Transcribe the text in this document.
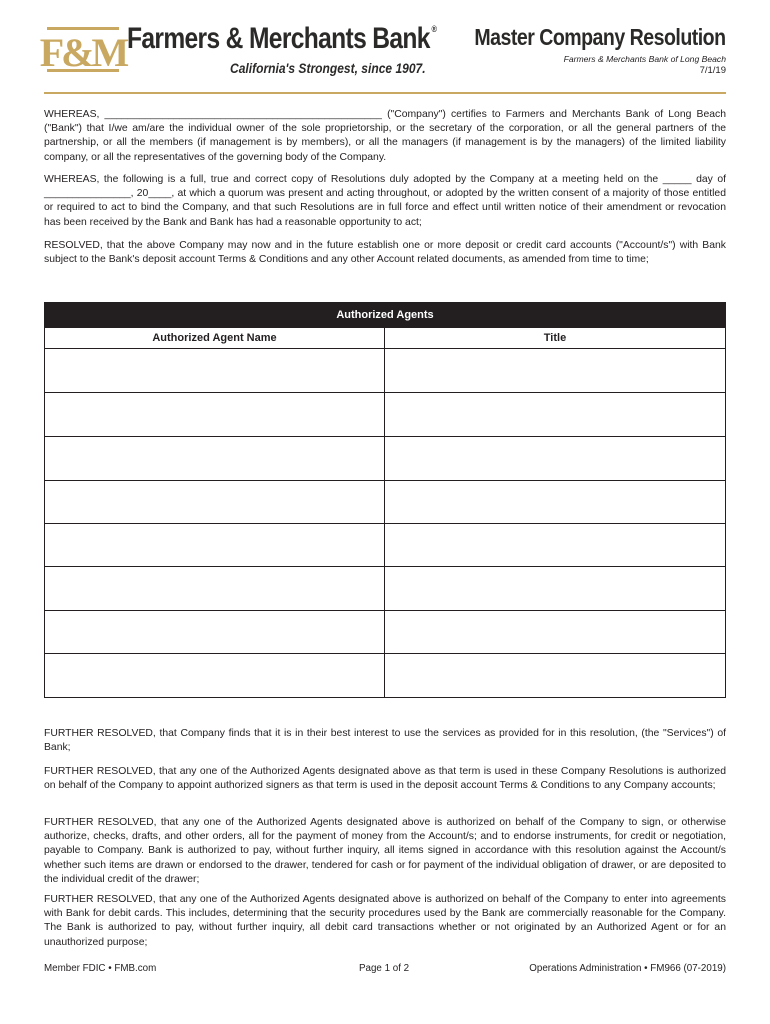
F&M Farmers & Merchants Bank ®
California's Strongest, since 1907.
Master Company Resolution
Farmers & Merchants Bank of Long Beach
7/1/19
WHEREAS, ________________________________________________ ("Company") certifies to Farmers and Merchants Bank of Long Beach ("Bank") that I/we am/are the individual owner of the sole proprietorship, or the secretary of the corporation, or all the general partners of the partnership, or all the members (if management is by members), or all the managers (if management is by the managers) of the limited liability company, or all the representatives of the governing body of the Company.
WHEREAS, the following is a full, true and correct copy of Resolutions duly adopted by the Company at a meeting held on the _____ day of _______________, 20____, at which a quorum was present and acting throughout, or adopted by the written consent of a majority of those entitled or required to act to bind the Company, and that such Resolutions are in full force and effect until written notice of their amendment or revocation has been received by the Bank and Bank has had a reasonable opportunity to act;
RESOLVED, that the above Company may now and in the future establish one or more deposit or credit card accounts ("Account/s") with Bank subject to the Bank's deposit account Terms & Conditions and any other Account related documents, as amended from time to time;
Authorized Agents
Authorized Agent Name	Title
FURTHER RESOLVED, that Company finds that it is in their best interest to use the services as provided for in this resolution, (the "Services") of Bank;
FURTHER RESOLVED, that any one of the Authorized Agents designated above as that term is used in these Company Resolutions is authorized on behalf of the Company to appoint authorized signers as that term is used in the deposit account Terms & Conditions to any Company accounts;
FURTHER RESOLVED, that any one of the Authorized Agents designated above is authorized on behalf of the Company to sign, or otherwise authorize, checks, drafts, and other orders, all for the payment of money from the Account/s; and to endorse instruments, for credit or negotiation, payable to Company. Bank is authorized to pay, without further inquiry, all items signed in accordance with this resolution against the Account/s whether such items are drawn or endorsed to the drawer, tendered for cash or for payment of the individual obligation of drawer, or are deposited to the individual credit of the drawer;
FURTHER RESOLVED, that any one of the Authorized Agents designated above is authorized on behalf of the Company to enter into agreements with Bank for debit cards. This includes, determining that the security procedures used by the Bank are commercially reasonable for the Company. The Bank is authorized to pay, without further inquiry, all debit card transactions whether or not originated by an Authorized Agent or for an unauthorized purpose;
Member FDIC • FMB.com	Page 1 of 2	Operations Administration • FM966 (07-2019)
